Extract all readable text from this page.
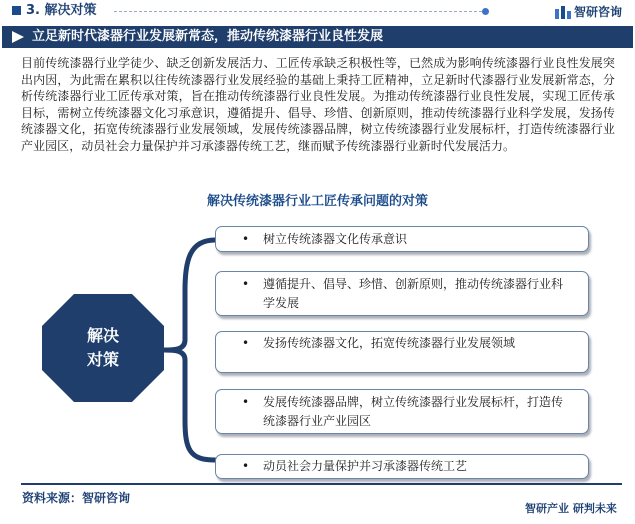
3. 解决对策	智研咨询
立足新时代漆器行业发展新常态，推动传统漆器行业良性发展
目前传统漆器行业学徒少、缺乏创新发展活力、工匠传承缺乏积极性等，已然成为影响传统漆器行业良性发展突出内因，为此需在累积以往传统漆器行业发展经验的基础上秉持工匠精神，立足新时代漆器行业发展新常态，分析传统漆器行业工匠传承对策，旨在推动传统漆器行业良性发展。为推动传统漆器行业良性发展，实现工匠传承目标，需树立传统漆器文化习承意识，遵循提升、倡导、珍惜、创新原则，推动传统漆器行业科学发展，发扬传统漆器文化，拓宽传统漆器行业发展领域，发展传统漆器品牌，树立传统漆器行业发展标杆，打造传统漆器行业产业园区，动员社会力量保护并习承漆器传统工艺，继而赋予传统漆器行业新时代发展活力。
解决传统漆器行业工匠传承问题的对策
解决对策
• 树立传统漆器文化传承意识
• 遵循提升、倡导、珍惜、创新原则，推动传统漆器行业科学发展
• 发扬传统漆器文化，拓宽传统漆器行业发展领域
• 发展传统漆器品牌，树立传统漆器行业发展标杆，打造传统漆器行业产业园区
• 动员社会力量保护并习承漆器传统工艺
资料来源：智研咨询
智研产业 研判未来
